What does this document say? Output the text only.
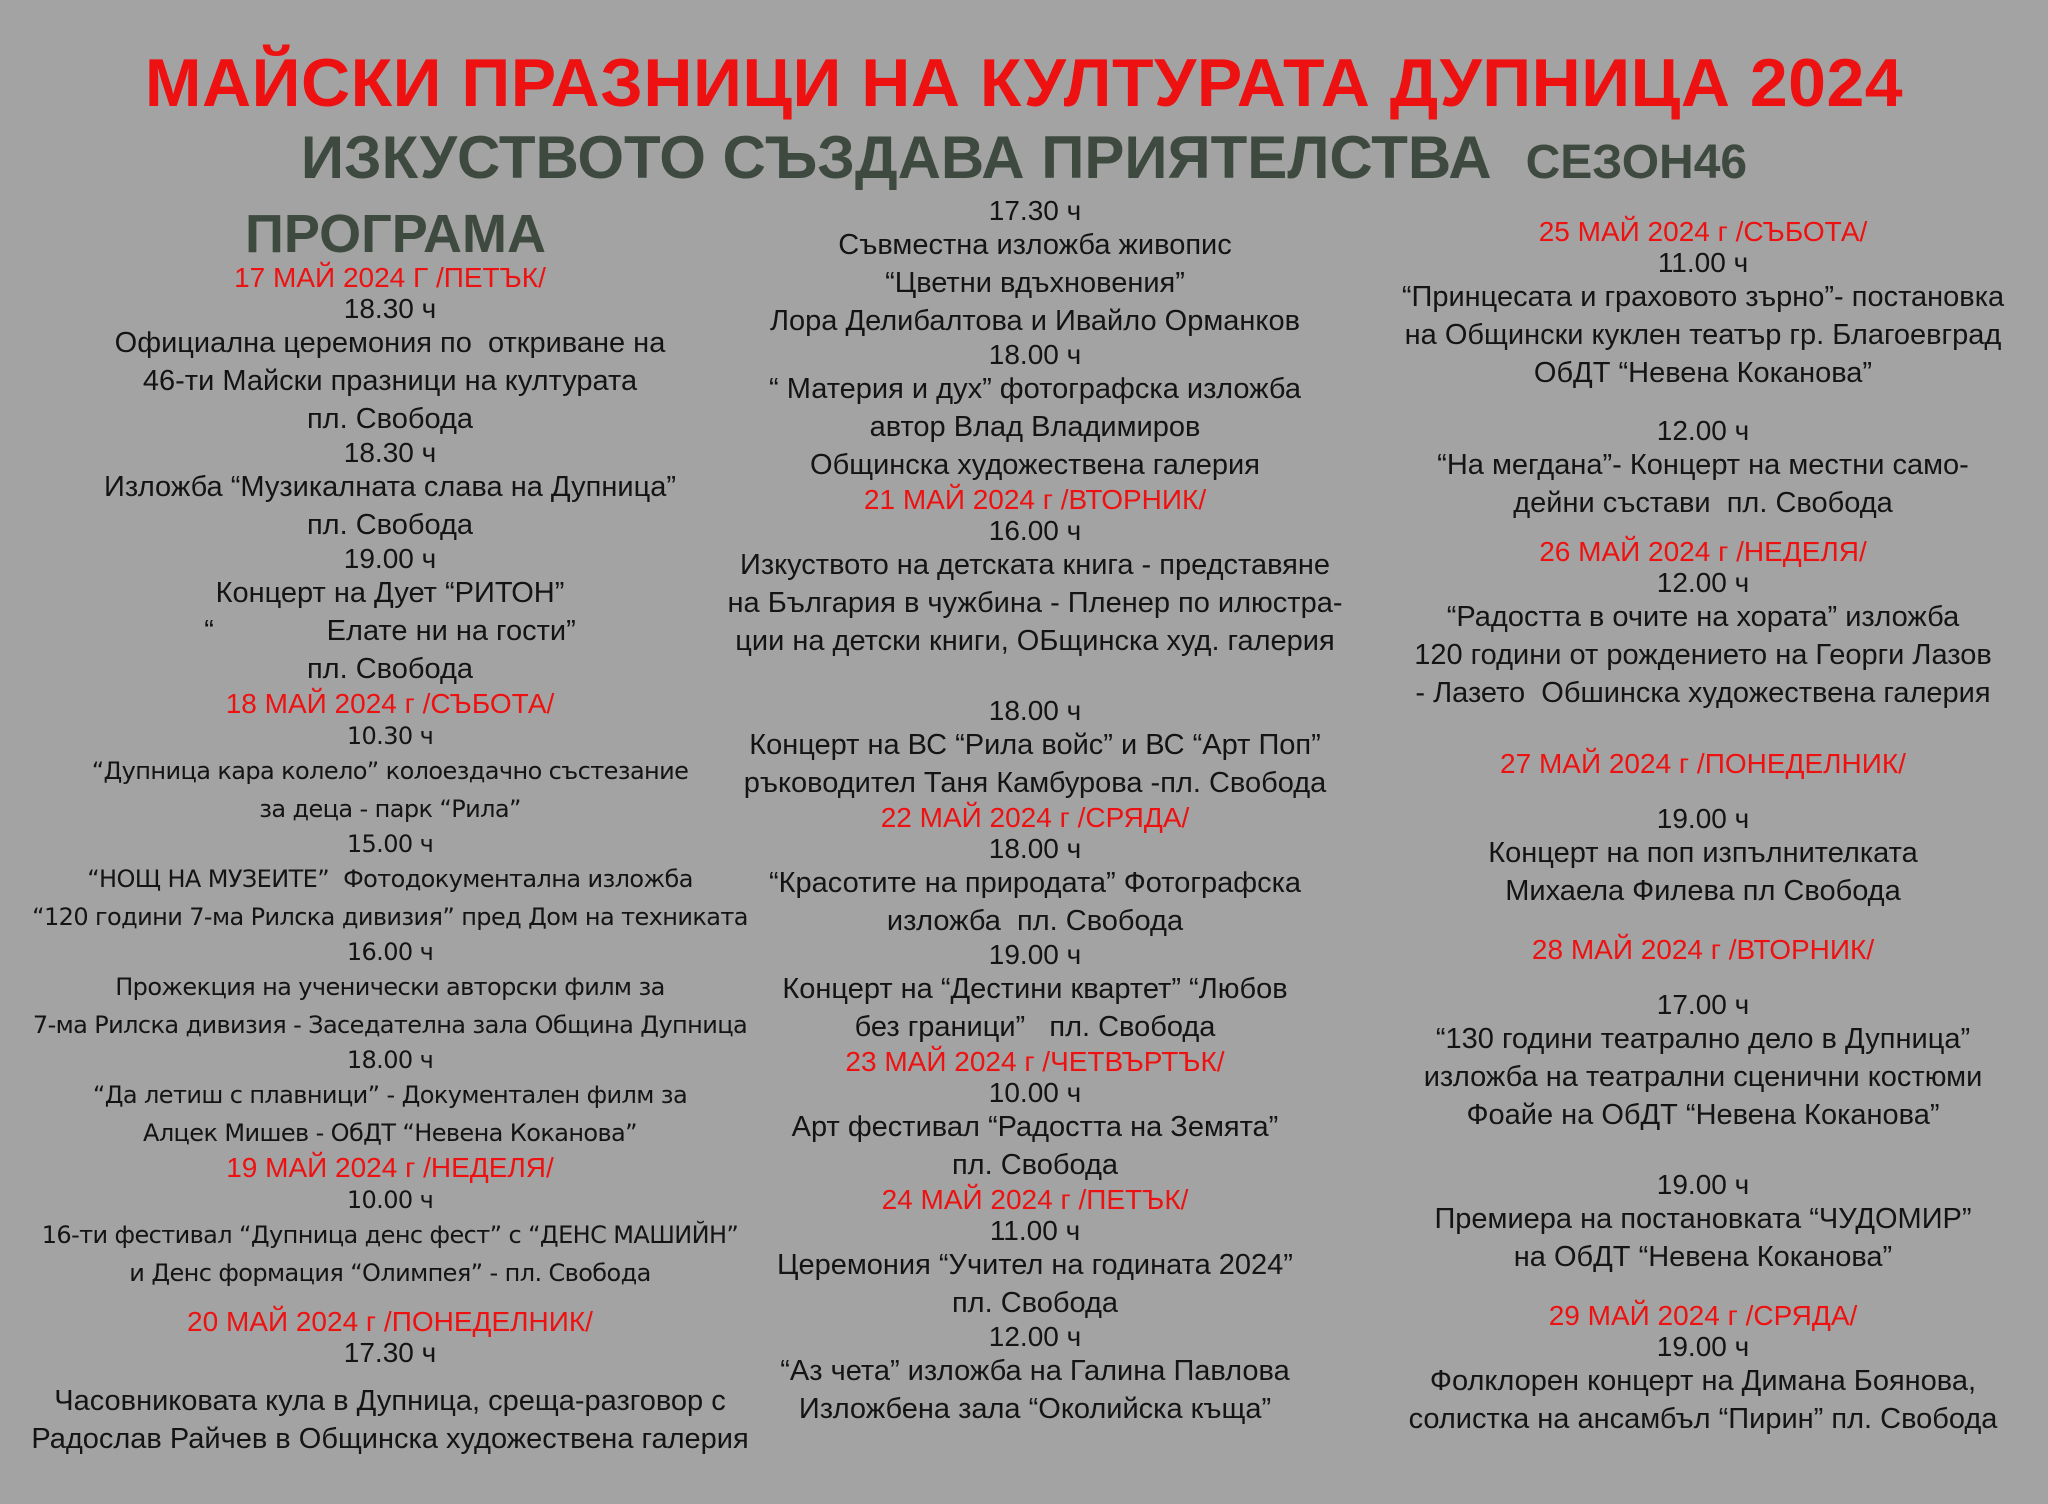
МАЙСКИ ПРАЗНИЦИ НА КУЛТУРАТА ДУПНИЦА 2024
ИЗКУСТВОТО СЪЗДАВА ПРИЯТЕЛСТВА СЕЗОН46
ПРОГРАМА
17 МАЙ 2024 Г /ПЕТЪК/
18.30 ч
Официална церемония по  откриване на
46-ти Майски празници на културата
пл. Свобода
18.30 ч
Изложба “Музикалната слава на Дупница”
пл. Свобода
19.00 ч
Концерт на Дует “РИТОН”
“              Елате ни на гости”
пл. Свобода
18 МАЙ 2024 г /СЪБОТА/
10.30 ч
“Дупница кара колело” колоездачно състезание
за деца - парк “Рила”
15.00 ч
“НОЩ НА МУЗЕИТЕ”  Фотодокументална изложба
“120 години 7-ма Рилска дивизия” пред Дом на техниката
16.00 ч
Прожекция на ученически авторски филм за
7-ма Рилска дивизия - Заседателна зала Община Дупница
18.00 ч
“Да летиш с плавници” - Документален филм за
Алцек Мишев - ОбДТ “Невена Коканова”
19 МАЙ 2024 г /НЕДЕЛЯ/
10.00 ч
16-ти фестивал “Дупница денс фест” с “ДЕНС МАШИЙН”
и Денс формация “Олимпея” - пл. Свобода
20 МАЙ 2024 г /ПОНЕДЕЛНИК/
17.30 ч
Часовниковата кула в Дупница, среща-разговор с
Радослав Райчев в Общинска художествена галерия
17.30 ч
Съвместна изложба живопис
“Цветни вдъхновения”
Лора Делибалтова и Ивайло Орманков
18.00 ч
“ Материя и дух” фотографска изложба
автор Влад Владимиров
Общинска художествена галерия
21 МАЙ 2024 г /ВТОРНИК/
16.00 ч
Изкуството на детската книга - представяне
на България в чужбина - Пленер по илюстра-
ции на детски книги, ОБщинска худ. галерия
18.00 ч
Концерт на ВС “Рила войс” и ВС “Арт Поп”
ръководител Таня Камбурова -пл. Свобода
22 МАЙ 2024 г /СРЯДА/
18.00 ч
“Красотите на природата” Фотографска
изложба  пл. Свобода
19.00 ч
Концерт на “Дестини квартет” “Любов
без граници”   пл. Свобода
23 МАЙ 2024 г /ЧЕТВЪРТЪК/
10.00 ч
Арт фестивал “Радостта на Земята”
пл. Свобода
24 МАЙ 2024 г /ПЕТЪК/
11.00 ч
Церемония “Учител на годината 2024”
пл. Свобода
12.00 ч
“Аз чета” изложба на Галина Павлова
Изложбена зала “Околийска къща”
25 МАЙ 2024 г /СЪБОТА/
11.00 ч
“Принцесата и граховото зърно”- постановка
на Общински куклен театър гр. Благоевград
ОбДТ “Невена Коканова”
12.00 ч
“На мегдана”- Концерт на местни само-
дейни състави  пл. Свобода
26 МАЙ 2024 г /НЕДЕЛЯ/
12.00 ч
“Радостта в очите на хората” изложба
120 години от рождението на Георги Лазов
- Лазето  Обшинска художествена галерия
27 МАЙ 2024 г /ПОНЕДЕЛНИК/
19.00 ч
Концерт на поп изпълнителката
Михаела Филева пл Свобода
28 МАЙ 2024 г /ВТОРНИК/
17.00 ч
“130 години театрално дело в Дупница”
изложба на театрални сценични костюми
Фоайе на ОбДТ “Невена Коканова”
19.00 ч
Премиера на постановката “ЧУДОМИР”
на ОбДТ “Невена Коканова”
29 МАЙ 2024 г /СРЯДА/
19.00 ч
Фолклорен концерт на Димана Боянова,
солистка на ансамбъл “Пирин” пл. Свобода
